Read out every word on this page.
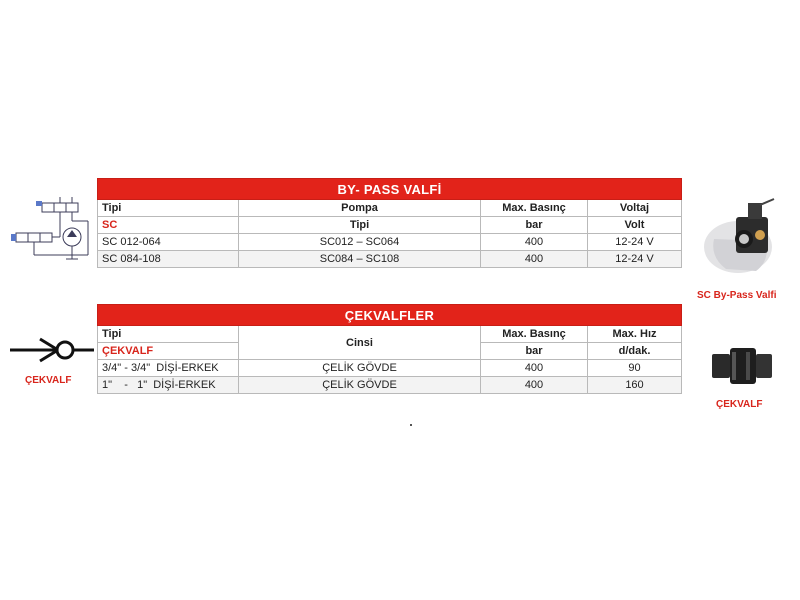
BY- PASS VALFİ			
Tipi	Pompa	Max. Basınç	Voltaj
SC	Tipi	bar	Volt
SC 012-064	SC012 – SC064	400	12-24 V
SC 084-108	SC084 – SC108	400	12-24 V
SC By-Pass Valfi
ÇEKVALF
ÇEKVALFLER			
Tipi	Cinsi	Max. Basınç	Max. Hız
ÇEKVALF		bar	d/dak.
3/4" - 3/4"  DİŞİ-ERKEK	ÇELİK GÖVDE	400	90
1"    -   1"  DİŞİ-ERKEK	ÇELİK GÖVDE	400	160
ÇEKVALF
